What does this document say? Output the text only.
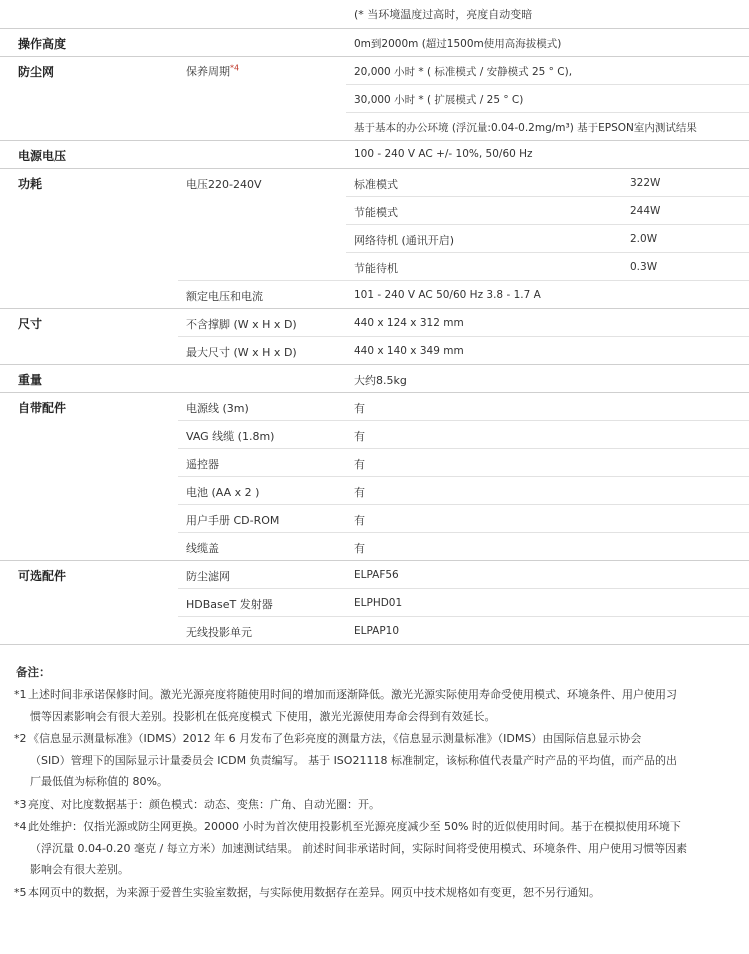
(* 当环境温度过高时，亮度自动变暗
操作高度	0m到2000m (超过1500m使用高海拔模式)
防尘网	保养周期$^{*4}$	20,000 小时 * ( 标准模式 / 安静模式 25 ° C),
30,000 小时 * ( 扩展模式 / 25 ° C)
基于基本的办公环境 (浮沉量:0.04-0.2mg/m³) 基于EPSON室内测试结果
电源电压	100 - 240 V AC +/- 10%, 50/60 Hz
功耗	电压220-240V	标准模式	322W
节能模式	244W
网络待机 (通讯开启)	2.0W
节能待机	0.3W
额定电压和电流	101 - 240 V AC 50/60 Hz 3.8 - 1.7 A
尺寸	不含撑脚 (W x H x D)	440 x 124 x 312 mm
最大尺寸 (W x H x D)	440 x 140 x 349 mm
重量	大约8.5kg
自带配件	电源线 (3m)	有
VAG 线缆 (1.8m)	有
遥控器	有
电池 (AA x 2 )	有
用户手册 CD-ROM	有
线缆盖	有
可选配件	防尘滤网	ELPAF56
HDBaseT 发射器	ELPHD01
无线投影单元	ELPAP10
备注：
*1 上述时间非承诺保修时间。激光光源亮度将随使用时间的增加而逐渐降低。激光光源实际使用寿命受使用模式、环境条件、用户使用习
惯等因素影响会有很大差别。投影机在低亮度模式 下使用，激光光源使用寿命会得到有效延长。
*2 《信息显示测量标准》（IDMS）2012 年 6 月发布了色彩亮度的测量方法，《信息显示测量标准》（IDMS）由国际信息显示协会
（SID）管理下的国际显示计量委员会 ICDM 负责编写。 基于 ISO21118 标准制定，该标称值代表量产时产品的平均值，而产品的出
厂最低值为标称值的 80%。
*3 亮度、对比度数据基于：颜色模式：动态、变焦：广角、自动光圈：开。
*4 此处维护：仅指光源或防尘网更换。20000 小时为首次使用投影机至光源亮度减少至 50% 时的近似使用时间。基于在模拟使用环境下
（浮沉量 0.04-0.20 毫克 / 每立方米）加速测试结果。 前述时间非承诺时间，实际时间将受使用模式、环境条件、用户使用习惯等因素
影响会有很大差别。
*5 本网页中的数据，为来源于爱普生实验室数据，与实际使用数据存在差异。网页中技术规格如有变更，恕不另行通知。
